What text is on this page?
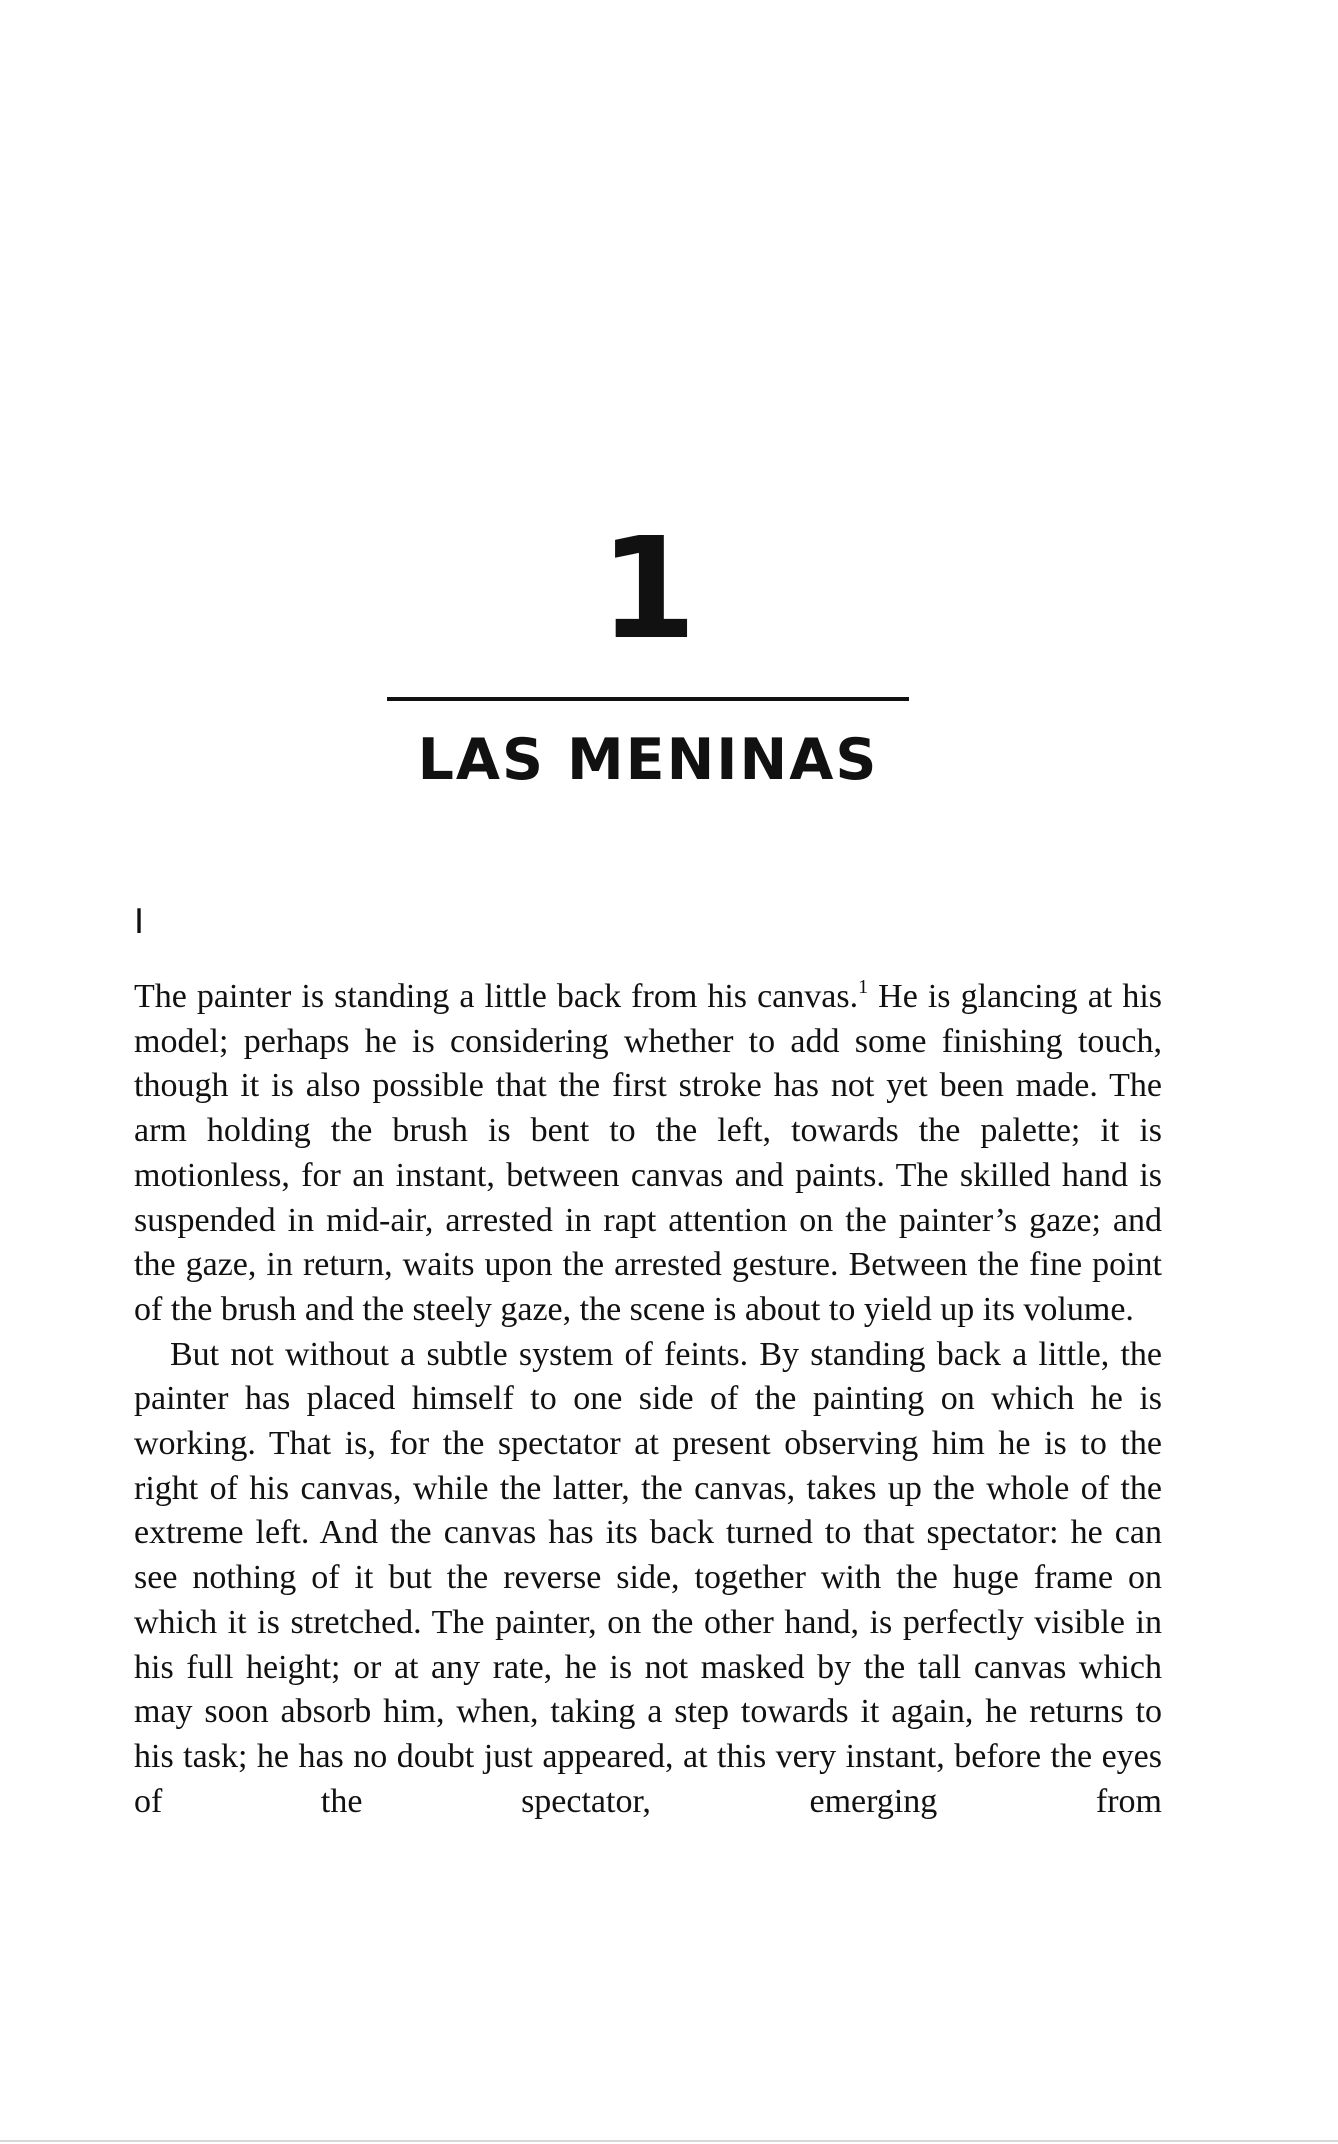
1
LAS MENINAS
I

The painter is standing a little back from his canvas.$^1$ He is glancing at his model; perhaps he is considering whether to add some finishing touch, though it is also possible that the first stroke has not yet been made. The arm holding the brush is bent to the left, towards the palette; it is motionless, for an instant, between canvas and paints. The skilled hand is suspended in mid-air, arrested in rapt attention on the painter’s gaze; and the gaze, in return, waits upon the arrested gesture. Between the fine point of the brush and the steely gaze, the scene is about to yield up its volume.

But not without a subtle system of feints. By standing back a little, the painter has placed himself to one side of the painting on which he is working. That is, for the spectator at present observing him he is to the right of his canvas, while the latter, the canvas, takes up the whole of the extreme left. And the canvas has its back turned to that spectator: he can see nothing of it but the reverse side, together with the huge frame on which it is stretched. The painter, on the other hand, is perfectly visible in his full height; or at any rate, he is not masked by the tall canvas which may soon absorb him, when, taking a step towards it again, he returns to his task; he has no doubt just appeared, at this very instant, before the eyes of the spectator, emerging from
